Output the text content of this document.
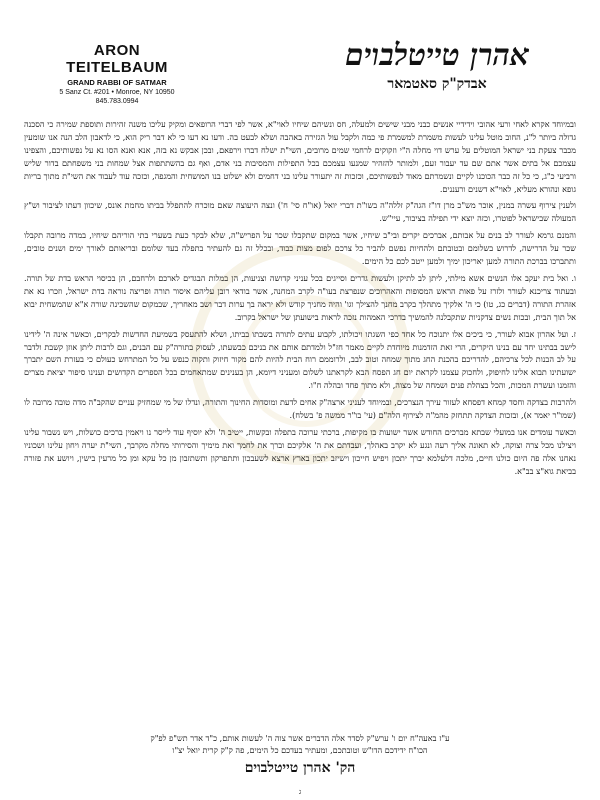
ARON TEITELBAUM
GRAND RABBI OF SATMAR
5 Sanz Ct. #201 • Monroe, NY 10950
845.783.0994
אהרן טייטלבוים
אבדק"ק סאטמאר

ובמיוחד אקרא לאחי ורעי אהובי וידידיי אנשים כבני מבני שישים ולמעלה, חס ונשיהם שיחיו לאוי"א, אשר לפי דברי הרופאים ומקיק עליכו משנה זהירות ותוספת שמירה כי הסכנה גדולה ביותר ל"נ, החוב מוטל עלינו לעשות משמרת למשמרת פי כמה ולקבל עול הגזירה באהבה ושלא לבעט בה. ודעו נא דעו כי לא דבר ריק הוא, כי לדאבון הלב הנה אנו שומעין מכבר צעקת בני ישראל המוטלים על ערש דוי מחלה ה"י וזקוקים לרחמי שמים מרובים, השי"ת ישלח דברו וירפאם, ובכן אבקש נא בזה, אנא ואנא הסו נא על נפשותיכם, והצפינו עצמכם אל בתים אשר אתם שם עד יעבור זעם, ולמותר להזהיר שמנעו עצמכם בכל התפילות והמסיבות בני אדם, ואף גם בהשתתפות אצל שמחות בני משפחתם בדור שליש ורביעי כ"ג, כי כל זה כבר הכוכנו לקיים ונשמרתם מאוד לנפשותיכם, וכזכות זה יתעורר עלינו בני דחמים ולא ישלוט בנו המושחית והמגפה, וכזכה עוד לעבוד את השי"ת מתוך בריות גופא ונהורא מעליא, לאוי"א דשנים ורעננים.

ולענין צירוף עשרה במנין, אוכר מש"כ מרן דו"ז הגה"ק זללה"ה בשו"ת דברי יואל (או"ח סי' ח') ונצה היעוצה שאם מוכרח להתפלל בביתו מחמת אונס, שיכוון דעתו לציבור וש"ץ המעולה שבישראל לפוטרו, וכזה יוצא ידי תפילה בציבור, עיי"ש.

והמנם גרמא לעורר לב בנים על אבותם, אברכים יקרים ובי"ב שיחיו, אשר במקום שתקבלו שכר על הפריש"ה, שלא לבקר כעת בשערי בתי הוריהם שיחיו, במדה מרובה תקבלו שכר על הדרישה, לדרוש בשלומם ובטובתם ולהחיות נפשם להביר כל צרכם לפום מצות כבוד, ובכלל זה גם להעתיר בתפלה בעד שלומם ובריאותם לאורך ימים ושנים טובים, ותתברכו בברכת התורה למען יאריכון ימיך ולמען ייטב לכם כל הימים.

ו. ואל בית יעקב אלו הנשים אשא מילתי, ליתן לב לתיקן ולעשות גדרים וסייגים בכל עניני קדושה וצניעות, הן במלות הבגדים לארכם ולרחבם, הן בכיסוי הראש בדת של תורה. ובעתוד צריכנא לעורר ולזרז על פאות הראש המסופות והאהרוכים שנפרצת בעו"ה לקרב המחנה, אשר בודאי רובן עליהם איסור תורה ופריצה נוראה בדת ישראל, וזכרו נא את אזהרת התורה (דברים כג, טו) כי ה' אלקיך מתהלך בקרב מחנך להצילך וגו' והיה מחניך קודש ולא יראה בך ערות דבר ושב מאחריך, שבמקום שהשכינה שורה א"א שהמשחית יבוא אל תוך הבית, ובכות נשים צדקניות שתקבלנה להמשיך בדרכי האמהות נזכה לראות בישועתן של ישראל בקרוב.

ז. ועל אהרון אבוא לעורר, כי ביכים אלו יתנוכח כל אחד כפי השגתו ויכולתו, לקבוע עתים לתורה בשבתו בביתו, ושלא להתעסק בשמיעת החדשות לבקרים, וכאשר אינה ה' לידינו לישב בבתינו יחד עם בנינו היקרים, הרי זאת הזדמנות מיוחדת לקיים מאמר חז"ל ולמדתם אותם את בניכם כבשעתו, לעסוק בתורה"ק עם הבנים, וגם לרבות ליתן אוזן קשבת ולדבר על לב הבנות לכל צרכיהם, להדריכם בהכנת החג מתוך שמחה וטוב לבב, ולרוממם רוח הבית להיות להם מקור חיזוק ותקוה כנפש על כל המתרחש כעולם כי בעזרת השם יתברך ישועתינו תבוא אלינו לחיפוק, ולחכוק עצמנו לקראת יום חג הפסח הבא לקראתנו לשלום ומעניני דיומא, הן בענינים שמתאחמים בכל הספרים הקדושים וענינו סיפור יציאת מצרים והזמנו ועשרת המכות, והכל בצהלת פנים ושמחה של מצוה, ולא מתוך פחד ובהלה ח"ו.

ולהרבות בצדקה וחסד קמחא דפסחא לעזור עירך הנצרכים, ובמיוחד לעניני ארצה"ק אחים לדעת ומוסדות החינוך והתורה, ונדלו של מי שמחזיק עניים שהקב"ה מדה טובה מרובה לו (שמו"ר יאמר א), ובזכות הצדקה תתחזק מהמ"ה לצירוף הלה"ם (עי' בו"ר ממשה פ' בשלח).

וכאשר עומדים אנו במועלי שבתא מברכים החודש אשר ישועות בו מקיפות, ברכתי ערוכה בתפלה ובקשות, ייטיב ה' ולא יוסיף עוד לייסר נו ויאמין ברכים כושלות, ויש נשבור עלינו ויצילנו מכל צרה וצוקה, לא תאונה אליך רעה ונגע לא יקרב באהלך, ועבדתם את ה' אלקיכם וברך את לחמך ואת מימיך והסירותי מחלה מקרבך, השי"ת יערה ויחון עלינו ושכוניו נאחנו אלה פה היום כולנו חיים, מלכה דלעלמא יברך יתכון ויפיש חייכון וישיזב יתכון בארץ ארצא לשעבכון ותתפרקון ותשתזבון מן כל עקא ומן כל מרעין בישין, ויושע את פזורה בביאת גוא"צ בב"א.

ע"ז באעה"ח יום ו' ערש"ק לסדר אלה הדברים אשר צוה ה' לעשות אותם, כ"ד אדר תש"פ לפ"ק
הכו"ח ידידכם הדו"ש וטובתכם, ומעתיר בעדכם כל הימים, פה ק"ק קרית יואל יצ"ו
הק' אהרן טייטלבוים
ג
